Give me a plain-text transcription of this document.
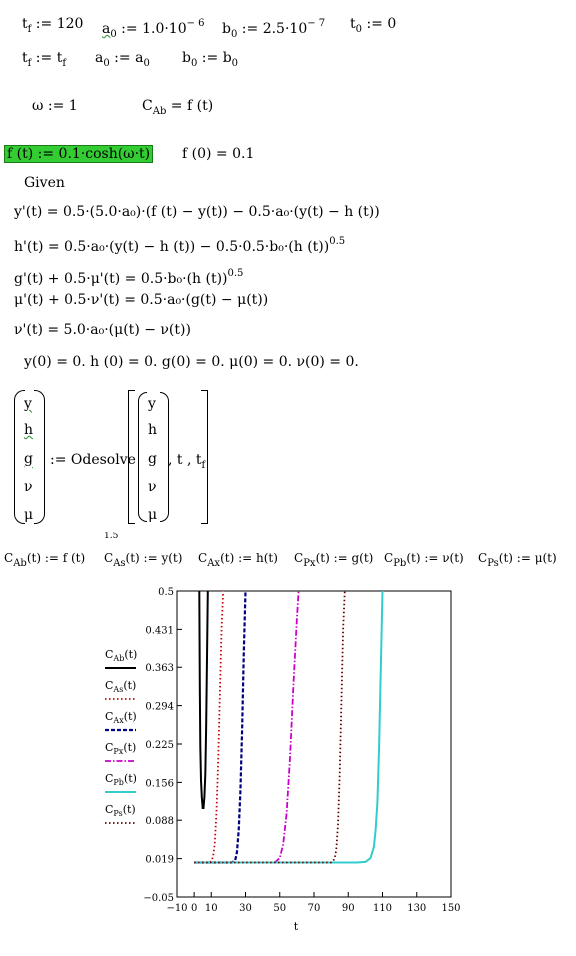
$t_f$ := 120 $a_0$ := $1.0\cdot 10^{- 6}$ $b_0$ := $2.5\cdot 10^{- 7}$ $t_0$ := 0
$t_f$ := $t_f$ $a_0$ := $a_0$ $b_0$ := $b_0$
ω := 1	$C_{Ab} = f$ (t)
f (t) := 0.1·cosh(ω·t) f (0) = 0.1
Given
y'(t) = 0.5·(5.0·a₀)·(f (t) − y(t)) − 0.5·a₀·(y(t) − h (t))
h'(t) = 0.5·a₀·(y(t) − h (t)) − 0.5·0.5·b₀·(h (t))$^{0.5}$
g'(t) + 0.5·μ'(t) = 0.5·b₀·(h (t))$^{0.5}$
μ'(t) + 0.5·ν'(t) = 0.5·a₀·(g(t) − μ(t))
ν'(t) = 5.0·a₀·(μ(t) − ν(t))
y(0) = 0. h (0) = 0. g(0) = 0. μ(0) = 0. ν(0) = 0.
y
h
g
ν
μ
:= Odesolve
y
h
g
ν
μ
, t , $t_f$
1.5
$C_{Ab}(t)$ := f (t) $C_{As}(t)$ := y(t) $C_{Ax}(t)$ := h(t) $C_{Px}(t)$ := g(t) $C_{Pb}(t)$ := ν(t) $C_{Ps}(t)$ := μ(t)
0.5
0.431
0.363
0.294
0.225
0.156
0.088
0.019
−0.05
−10 0 10 30 50 70 90 110 130 150
t
$C_{Ab}(t)$
$C_{As}(t)$
$C_{Ax}(t)$
$C_{Px}(t)$
$C_{Pb}(t)$
$C_{Ps}(t)$
